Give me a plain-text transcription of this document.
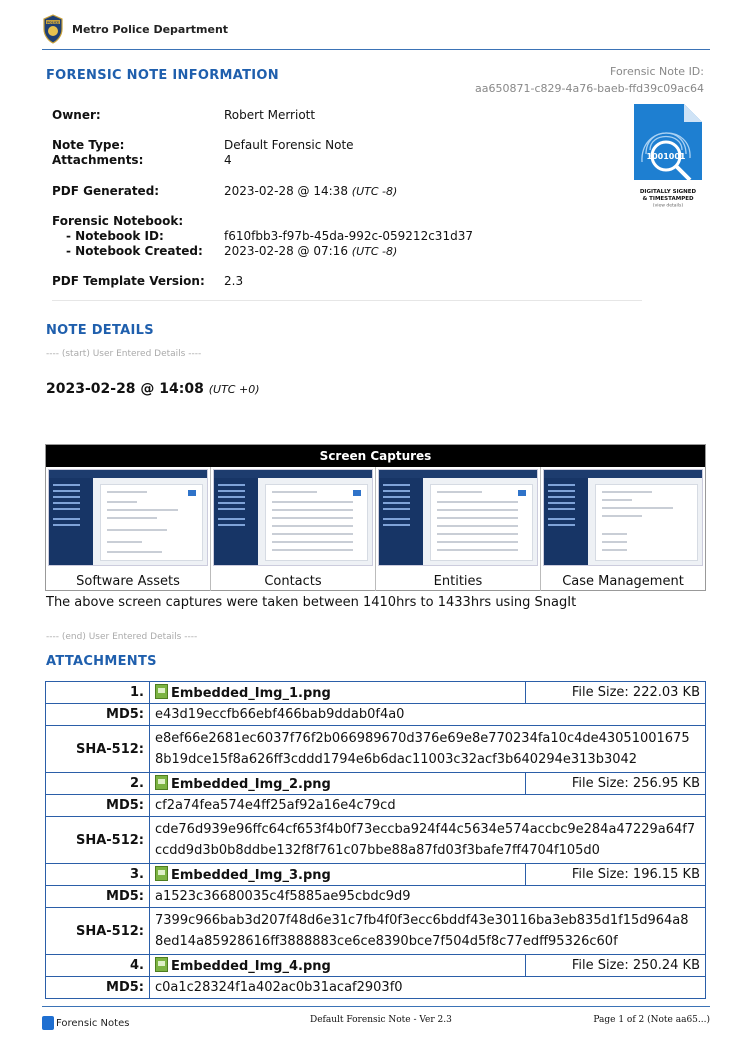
POLICE
Metro Police Department
FORENSIC NOTE INFORMATION	Forensic Note ID:
aa650871-c829-4a76-baeb-ffd39c09ac64
1001001
DIGITALLY SIGNED
& TIMESTAMPED
(view details)
Owner:	Robert Merriott
Note Type:	Default Forensic Note
Attachments:	4
PDF Generated:	2023-02-28 @ 14:38 (UTC -8)
Forensic Notebook:
- Notebook ID:	f610fbb3-f97b-45da-992c-059212c31d37
- Notebook Created: 2023-02-28 @ 07:16 (UTC -8)
PDF Template Version: 2.3
NOTE DETAILS
---- (start) User Entered Details ----
2023-02-28 @ 14:08 (UTC +0)
Screen Captures
Software Assets	Contacts	Entities	Case Management
The above screen captures were taken between 1410hrs to 1433hrs using SnagIt
---- (end) User Entered Details ----
ATTACHMENTS
1.	Embedded_Img_1.png	File Size: 222.03 KB
MD5:	e43d19eccfb66ebf466bab9ddab0f4a0	
SHA-512:	e8ef66e2681ec6037f76f2b066989670d376e69e8e770234fa10c4de43051001675
8b19dce15f8a626ff3cddd1794e6b6dac11003c32acf3b640294e313b3042	

2.	Embedded_Img_2.png	File Size: 256.95 KB
MD5:	cf2a74fea574e4ff25af92a16e4c79cd	
SHA-512:	cde76d939e96ffc64cf653f4b0f73eccba924f44c5634e574accbc9e284a47229a64f7
ccdd9d3b0b8ddbe132f8f761c07bbe88a87fd03f3bafe7ff4704f105d0	

3.	Embedded_Img_3.png	File Size: 196.15 KB
MD5:	a1523c36680035c4f5885ae95cbdc9d9	
SHA-512:	7399c966bab3d207f48d6e31c7fb4f0f3ecc6bddf43e30116ba3eb835d1f15d964a8
8ed14a85928616ff3888883ce6ce8390bce7f504d5f8c77edff95326c60f	

4.	Embedded_Img_4.png	File Size: 250.24 KB
MD5:	c0a1c28324f1a402ac0b31acaf2903f0	
Forensic Notes	Default Forensic Note - Ver 2.3	Page 1 of 2 (Note aa65...)
